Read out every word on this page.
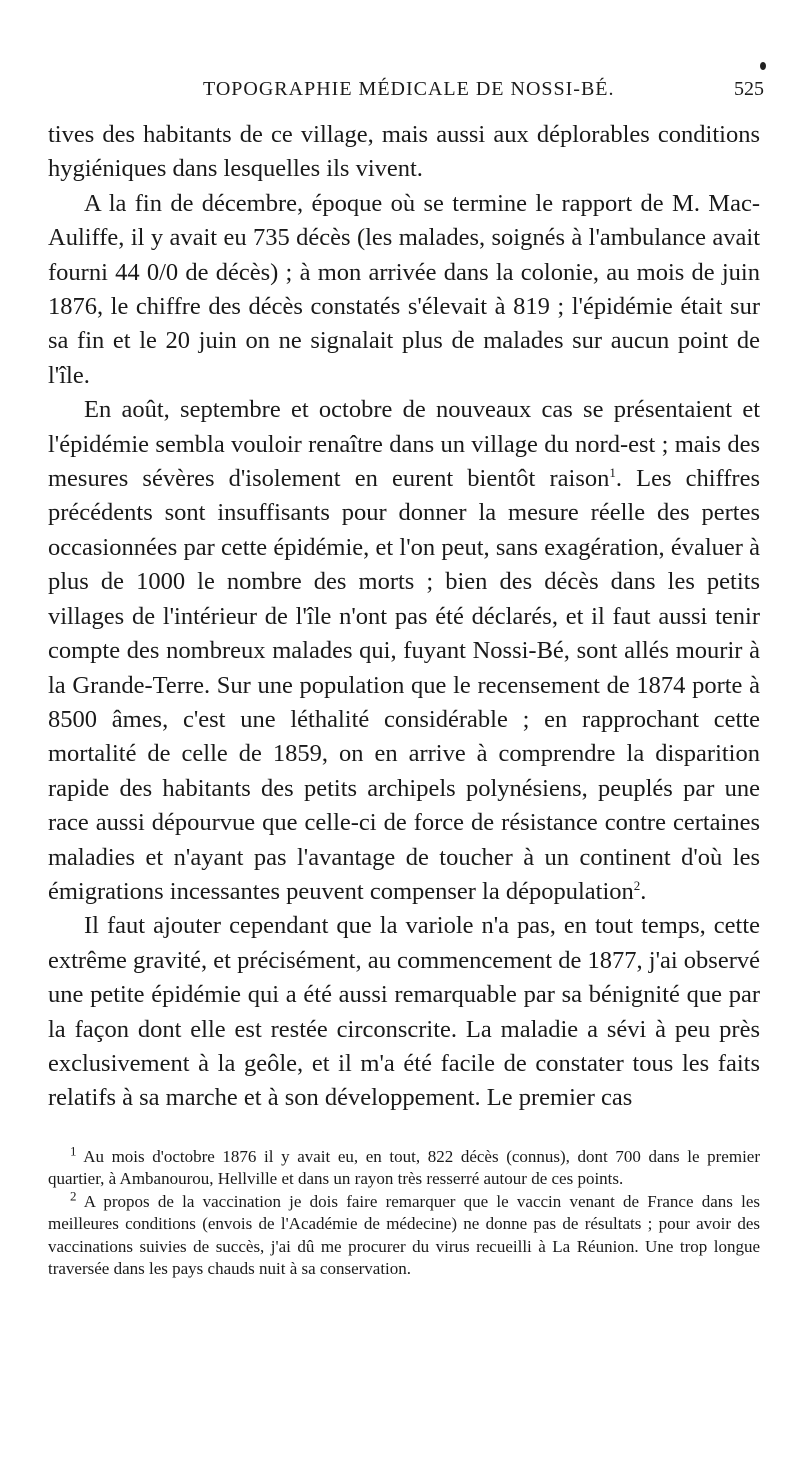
TOPOGRAPHIE MÉDICALE DE NOSSI-BÉ.	525

tives des habitants de ce village, mais aussi aux déplorables conditions hygiéniques dans lesquelles ils vivent.

A la fin de décembre, époque où se termine le rapport de M. Mac-Auliffe, il y avait eu 735 décès (les malades, soignés à l'ambulance avait fourni 44 0/0 de décès) ; à mon arrivée dans la colonie, au mois de juin 1876, le chiffre des décès constatés s'élevait à 819 ; l'épidémie était sur sa fin et le 20 juin on ne signalait plus de malades sur aucun point de l'île.

En août, septembre et octobre de nouveaux cas se présentaient et l'épidémie sembla vouloir renaître dans un village du nord-est ; mais des mesures sévères d'isolement en eurent bientôt raison$^1$. Les chiffres précédents sont insuffisants pour donner la mesure réelle des pertes occasionnées par cette épidémie, et l'on peut, sans exagération, évaluer à plus de 1000 le nombre des morts ; bien des décès dans les petits villages de l'intérieur de l'île n'ont pas été déclarés, et il faut aussi tenir compte des nombreux malades qui, fuyant Nossi-Bé, sont allés mourir à la Grande-Terre. Sur une population que le recensement de 1874 porte à 8500 âmes, c'est une léthalité considérable ; en rapprochant cette mortalité de celle de 1859, on en arrive à comprendre la disparition rapide des habitants des petits archipels polynésiens, peuplés par une race aussi dépourvue que celle-ci de force de résistance contre certaines maladies et n'ayant pas l'avantage de toucher à un continent d'où les émigrations incessantes peuvent compenser la dépopulation$^2$.

Il faut ajouter cependant que la variole n'a pas, en tout temps, cette extrême gravité, et précisément, au commencement de 1877, j'ai observé une petite épidémie qui a été aussi remarquable par sa bénignité que par la façon dont elle est restée circonscrite. La maladie a sévi à peu près exclusivement à la geôle, et il m'a été facile de constater tous les faits relatifs à sa marche et à son développement. Le premier cas

$^1$ Au mois d'octobre 1876 il y avait eu, en tout, 822 décès (connus), dont 700 dans le premier quartier, à Ambanourou, Hellville et dans un rayon très resserré autour de ces points.

$^2$ A propos de la vaccination je dois faire remarquer que le vaccin venant de France dans les meilleures conditions (envois de l'Académie de médecine) ne donne pas de résultats ; pour avoir des vaccinations suivies de succès, j'ai dû me procurer du virus recueilli à La Réunion. Une trop longue traversée dans les pays chauds nuit à sa conservation.
